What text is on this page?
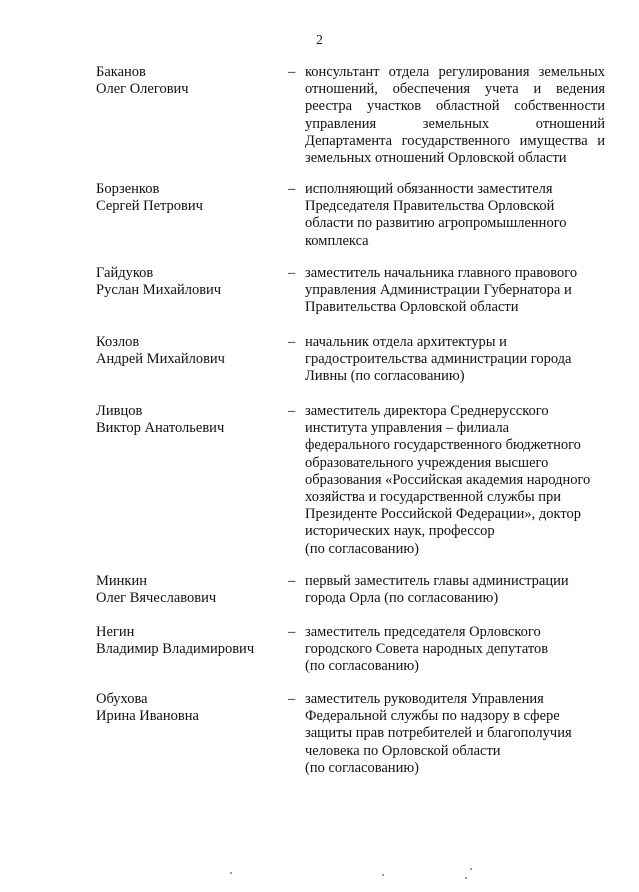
2
Баканов
Олег Олегович
– консультант отдела регулирования земельных
отношений, обеспечения учета и ведения
реестра участков областной собственности
управления земельных отношений
Департамента государственного имущества и
земельных отношений Орловской области
Борзенков
Сергей Петрович
– исполняющий обязанности заместителя
Председателя Правительства Орловской
области по развитию агропромышленного
комплекса
Гайдуков
Руслан Михайлович
– заместитель начальника главного правового
управления Администрации Губернатора и
Правительства Орловской области
Козлов
Андрей Михайлович
– начальник отдела архитектуры и
градостроительства администрации города
Ливны (по согласованию)
Ливцов
Виктор Анатольевич
– заместитель директора Среднерусского
института управления – филиала
федерального государственного бюджетного
образовательного учреждения высшего
образования «Российская академия народного
хозяйства и государственной службы при
Президенте Российской Федерации», доктор
исторических наук, профессор
(по согласованию)
Минкин
Олег Вячеславович
– первый заместитель главы администрации
города Орла (по согласованию)
Негин
Владимир Владимирович
– заместитель председателя Орловского
городского Совета народных депутатов
(по согласованию)
Обухова
Ирина Ивановна
– заместитель руководителя Управления
Федеральной службы по надзору в сфере
защиты прав потребителей и благополучия
человека по Орловской области
(по согласованию)
